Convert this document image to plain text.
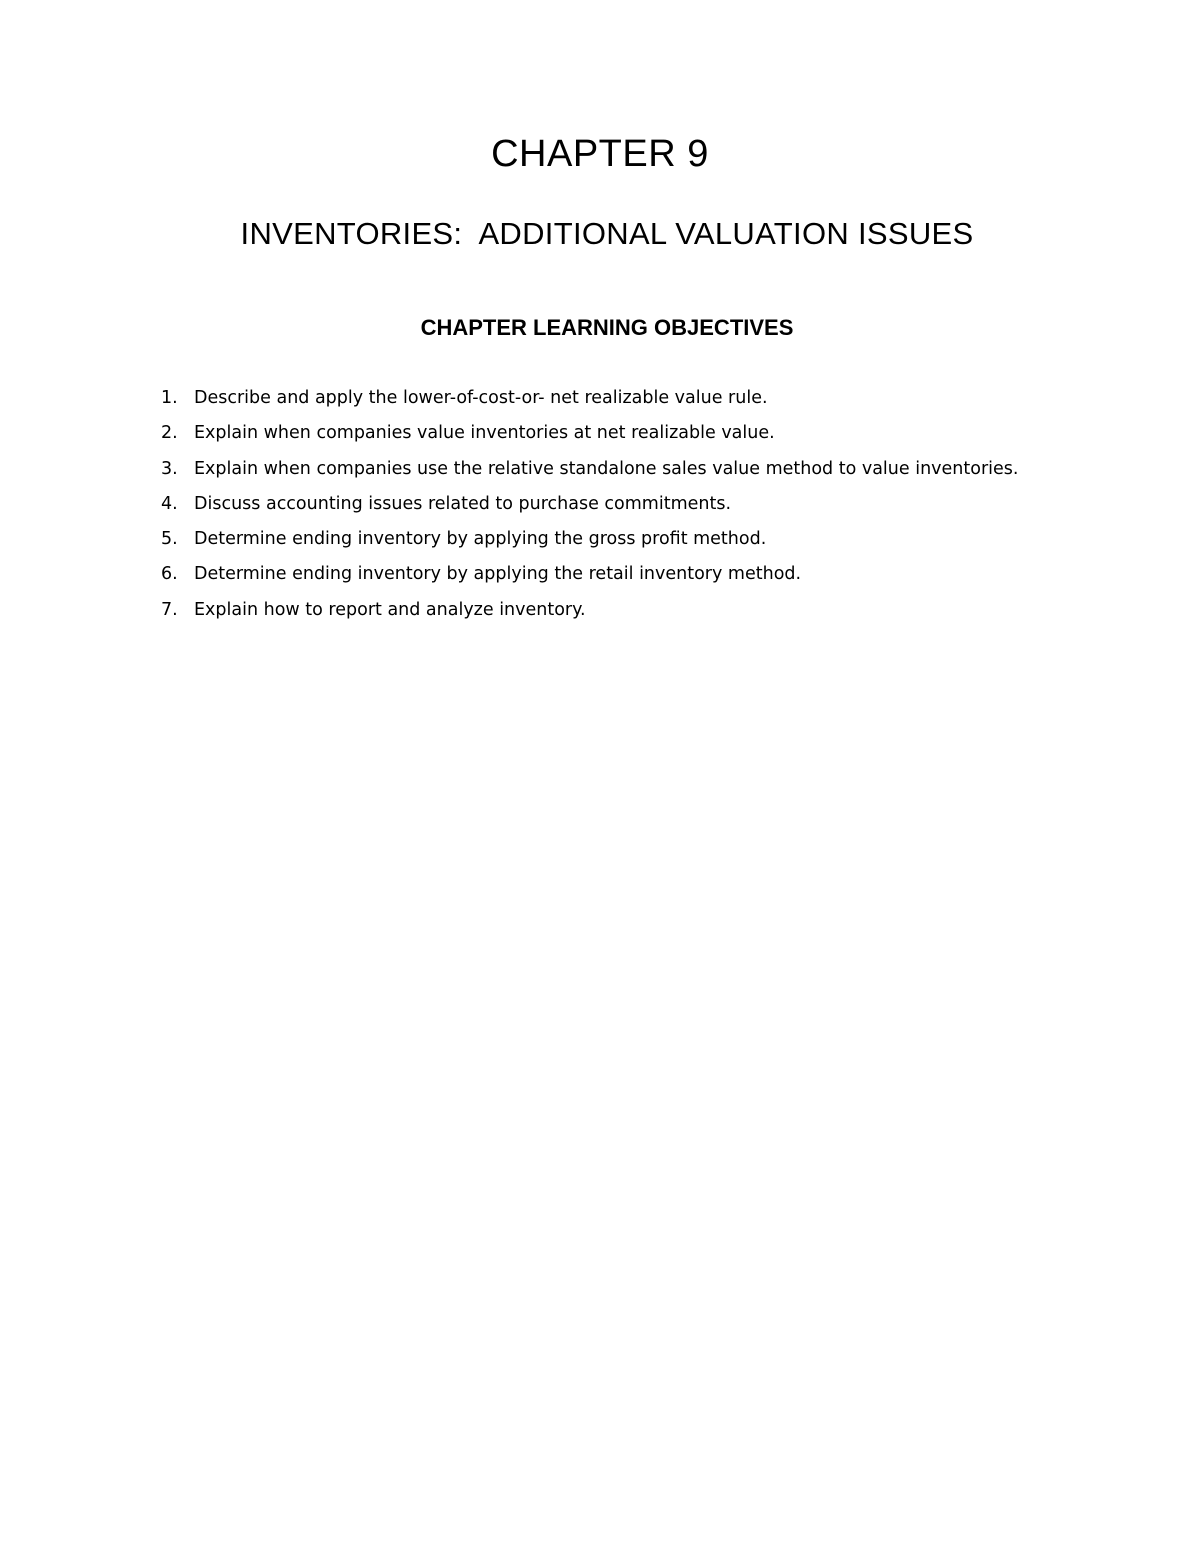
CHAPTER 9
INVENTORIES:  ADDITIONAL VALUATION ISSUES
CHAPTER LEARNING OBJECTIVES
1. Describe and apply the lower-of-cost-or- net realizable value rule.
2. Explain when companies value inventories at net realizable value.
3. Explain when companies use the relative standalone sales value method to value inventories.
4. Discuss accounting issues related to purchase commitments.
5. Determine ending inventory by applying the gross profit method.
6. Determine ending inventory by applying the retail inventory method.
7. Explain how to report and analyze inventory.
